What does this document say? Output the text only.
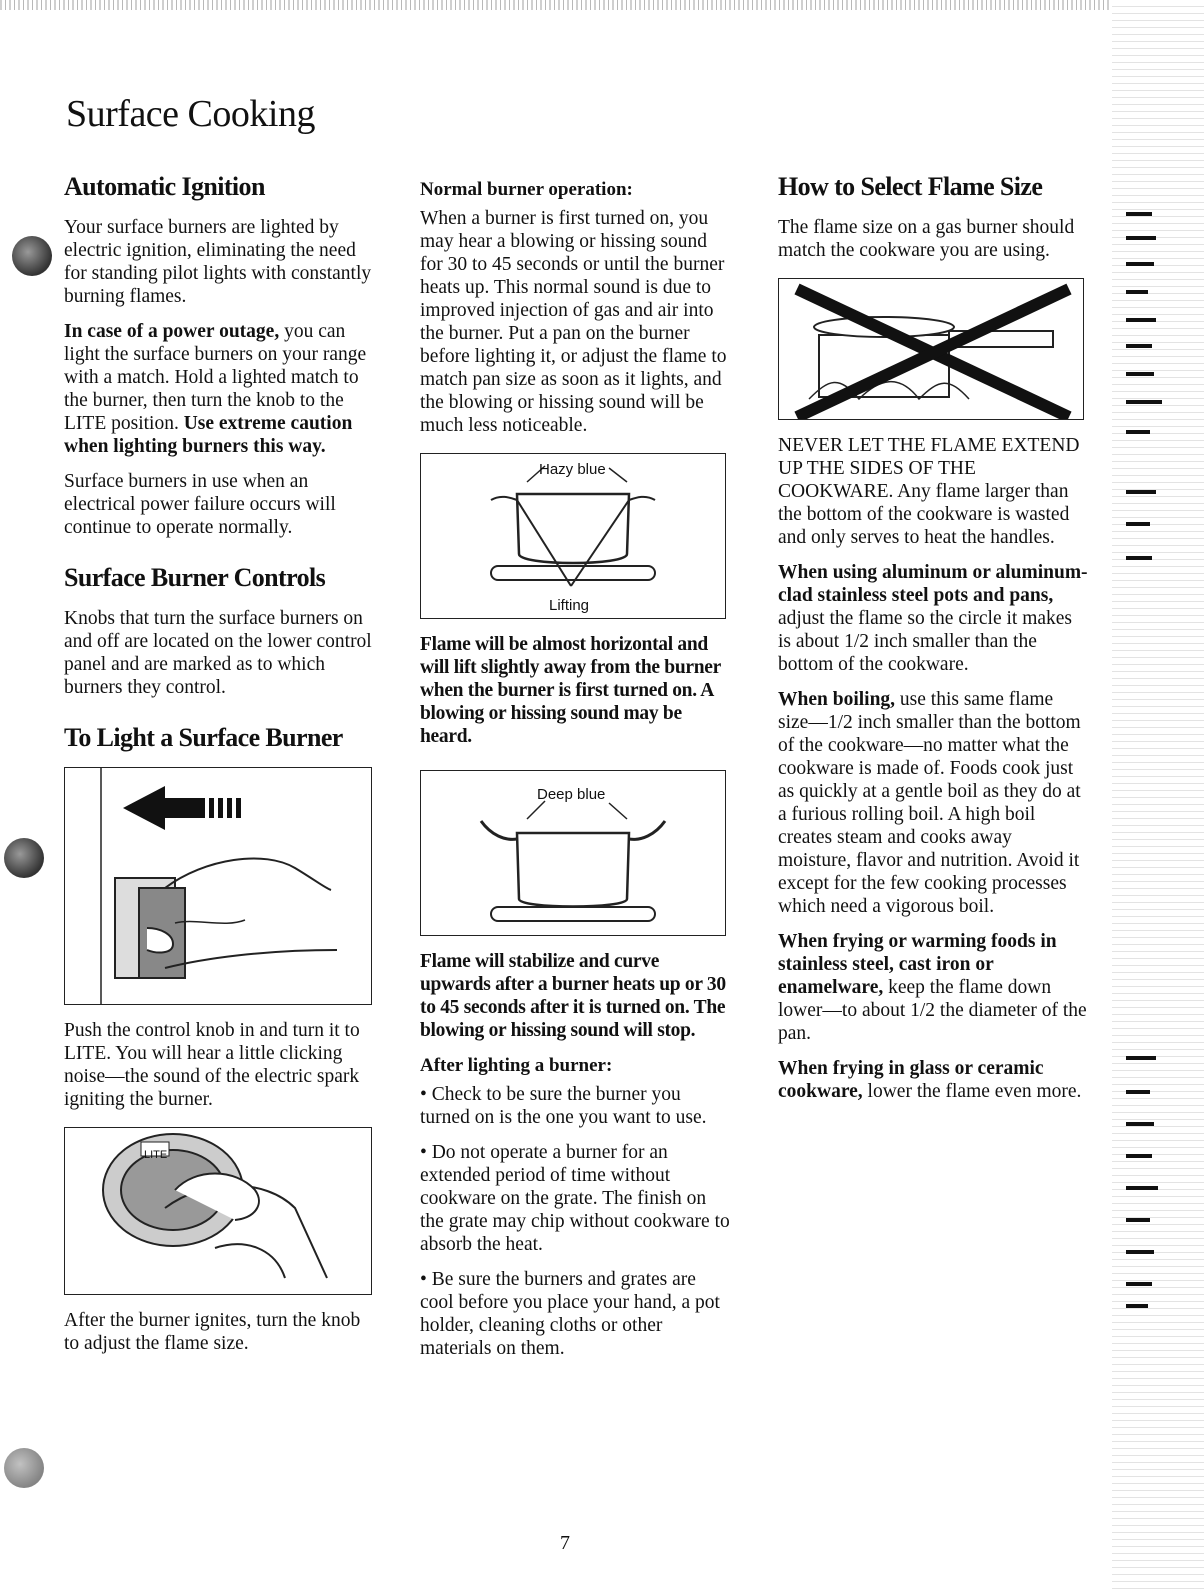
Surface Cooking
Automatic Ignition

Your surface burners are lighted by electric ignition, eliminating the need for standing pilot lights with constantly burning flames.

In case of a power outage, you can light the surface burners on your range with a match. Hold a lighted match to the burner, then turn the knob to the LITE position. Use extreme caution when lighting burners this way.

Surface burners in use when an electrical power failure occurs will continue to operate normally.

Surface Burner Controls

Knobs that turn the surface burners on and off are located on the lower control panel and are marked as to which burners they control.

To Light a Surface Burner

Push the control knob in and turn it to LITE. You will hear a little clicking noise—the sound of the electric spark igniting the burner.

LITE

After the burner ignites, turn the knob to adjust the flame size.

Normal burner operation:

When a burner is first turned on, you may hear a blowing or hissing sound for 30 to 45 seconds or until the burner heats up. This normal sound is due to improved injection of gas and air into the burner. Put a pan on the burner before lighting it, or adjust the flame to match pan size as soon as it lights, and the blowing or hissing sound will be much less noticeable.

Hazy blue
Lifting

Flame will be almost horizontal and will lift slightly away from the burner when the burner is first turned on. A blowing or hissing sound may be heard.

Deep blue

Flame will stabilize and curve upwards after a burner heats up or 30 to 45 seconds after it is turned on. The blowing or hissing sound will stop.

After lighting a burner:

• Check to be sure the burner you turned on is the one you want to use.

• Do not operate a burner for an extended period of time without cookware on the grate. The finish on the grate may chip without cookware to absorb the heat.

• Be sure the burners and grates are cool before you place your hand, a pot holder, cleaning cloths or other materials on them.

How to Select Flame Size

The flame size on a gas burner should match the cookware you are using.

NEVER LET THE FLAME EXTEND UP THE SIDES OF THE COOKWARE. Any flame larger than the bottom of the cookware is wasted and only serves to heat the handles.

When using aluminum or aluminum-clad stainless steel pots and pans, adjust the flame so the circle it makes is about 1/2 inch smaller than the bottom of the cookware.

When boiling, use this same flame size—1/2 inch smaller than the bottom of the cookware—no matter what the cookware is made of. Foods cook just as quickly at a gentle boil as they do at a furious rolling boil. A high boil creates steam and cooks away moisture, flavor and nutrition. Avoid it except for the few cooking processes which need a vigorous boil.

When frying or warming foods in stainless steel, cast iron or enamelware, keep the flame down lower—to about 1/2 the diameter of the pan.

When frying in glass or ceramic cookware, lower the flame even more.

7
